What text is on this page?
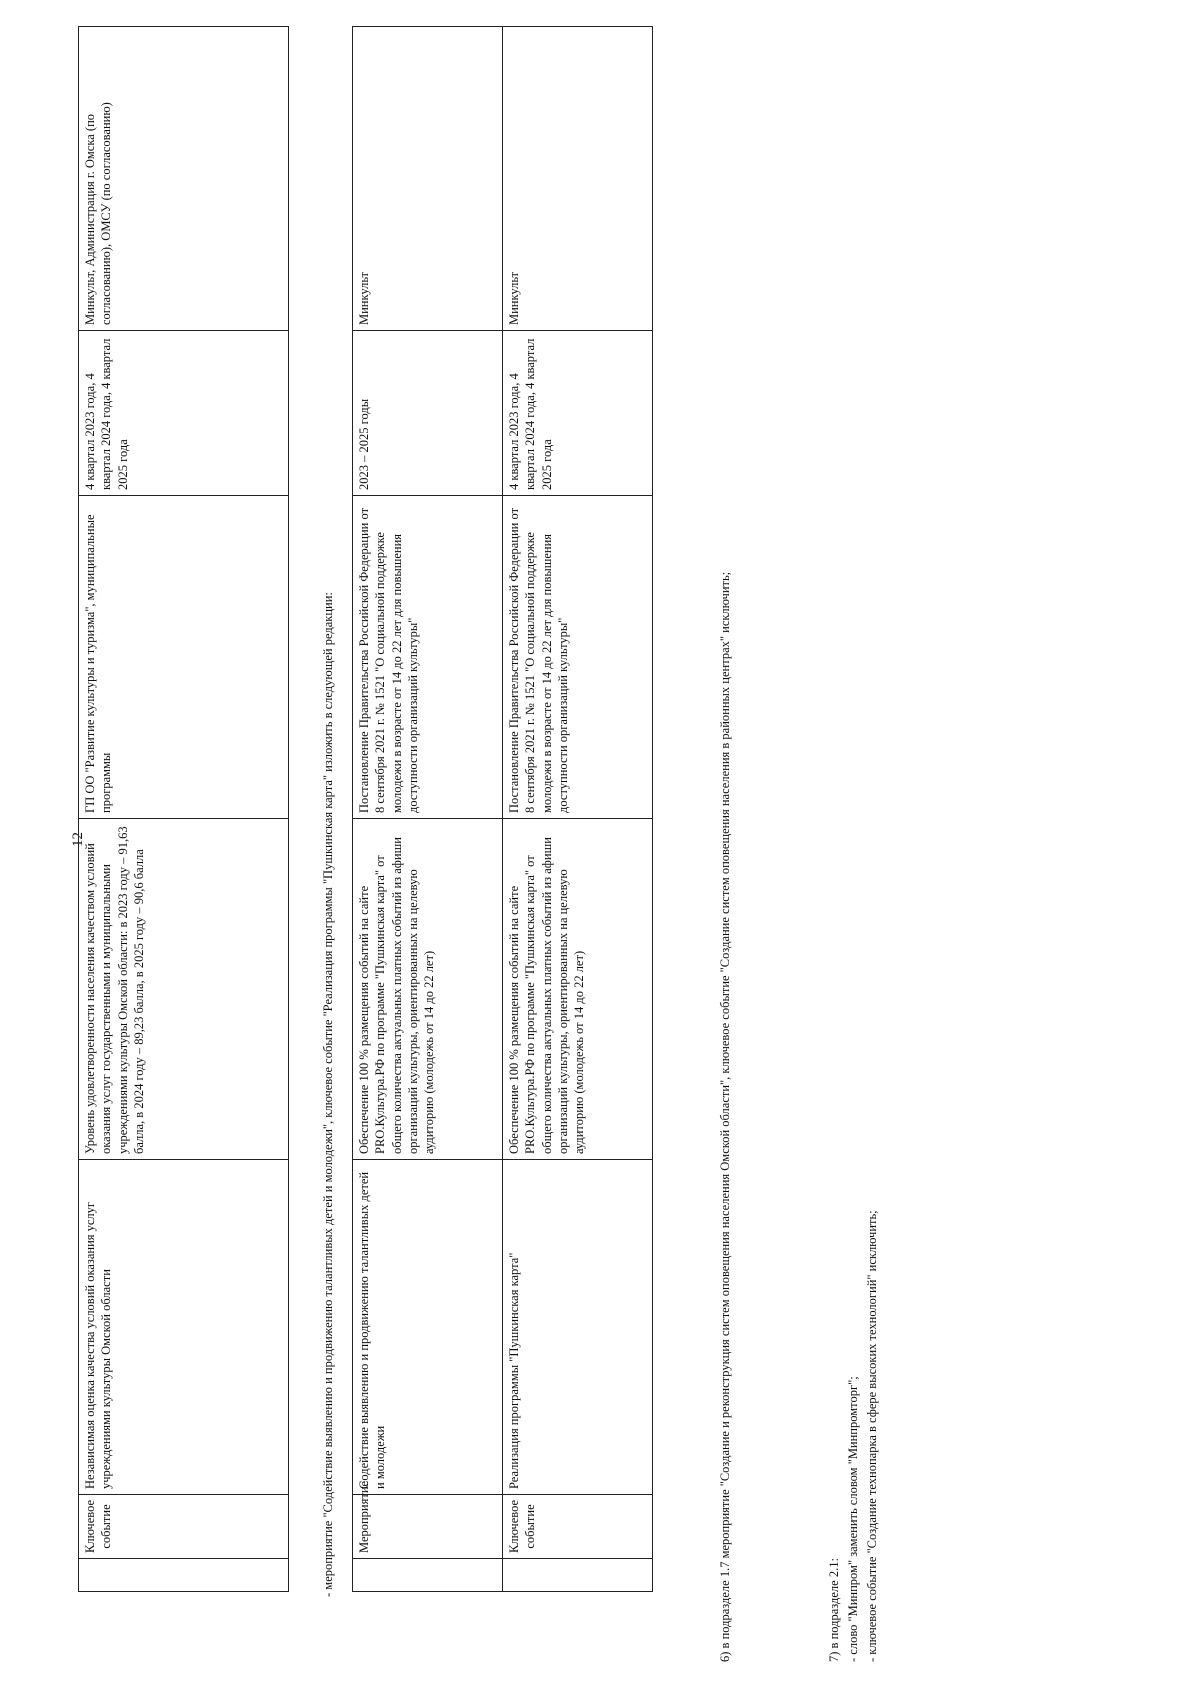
12
	Ключевое событие	Независимая оценка качества условий оказания услуг учреждениями культуры Омской области	Уровень удовлетворенности населения качеством условий оказания услуг государственными и муниципальными учреждениями культуры Омской области: в 2023 году – 91,63 балла, в 2024 году – 89,23 балла, в 2025 году – 90,6 балла	ГП ОО "Развитие культуры и туризма", муниципальные программы	4 квартал 2023 года, 4 квартал 2024 года, 4 квартал 2025 года	Минкульт, Администрация г. Омска (по согласованию), ОМСУ (по согласованию)
- мероприятие "Содействие выявлению и продвижению талантливых детей и молодежи", ключевое событие "Реализация программы "Пушкинская карта" изложить в следующей редакции:
	Мероприятие	Содействие выявлению и продвижению талантливых детей и молодежи	Обеспечение 100 % размещения событий на сайте PRO.Культура.РФ по программе "Пушкинская карта" от общего количества актуальных платных событий из афиши организаций культуры, ориентированных на целевую аудиторию (молодежь от 14 до 22 лет)	Постановление Правительства Российской Федерации от 8 сентября 2021 г. № 1521 "О социальной поддержке молодежи в возрасте от 14 до 22 лет для повышения доступности организаций культуры"	2023 – 2025 годы	Минкульт
	Ключевое событие	Реализация программы "Пушкинская карта"	Обеспечение 100 % размещения событий на сайте PRO.Культура.РФ по программе "Пушкинская карта" от общего количества актуальных платных событий из афиши организаций культуры, ориентированных на целевую аудиторию (молодежь от 14 до 22 лет)	Постановление Правительства Российской Федерации от 8 сентября 2021 г. № 1521 "О социальной поддержке молодежи в возрасте от 14 до 22 лет для повышения доступности организаций культуры"	4 квартал 2023 года, 4 квартал 2024 года, 4 квартал 2025 года	Минкульт
6) в подразделе 1.7 мероприятие "Создание и реконструкция систем оповещения населения Омской области", ключевое событие "Создание систем оповещения населения в районных центрах" исключить;	7) в подразделе 2.1: - слово "Минпром" заменить словом "Минпромторг"; - ключевое событие "Создание технопарка в сфере высоких технологий" исключить;
